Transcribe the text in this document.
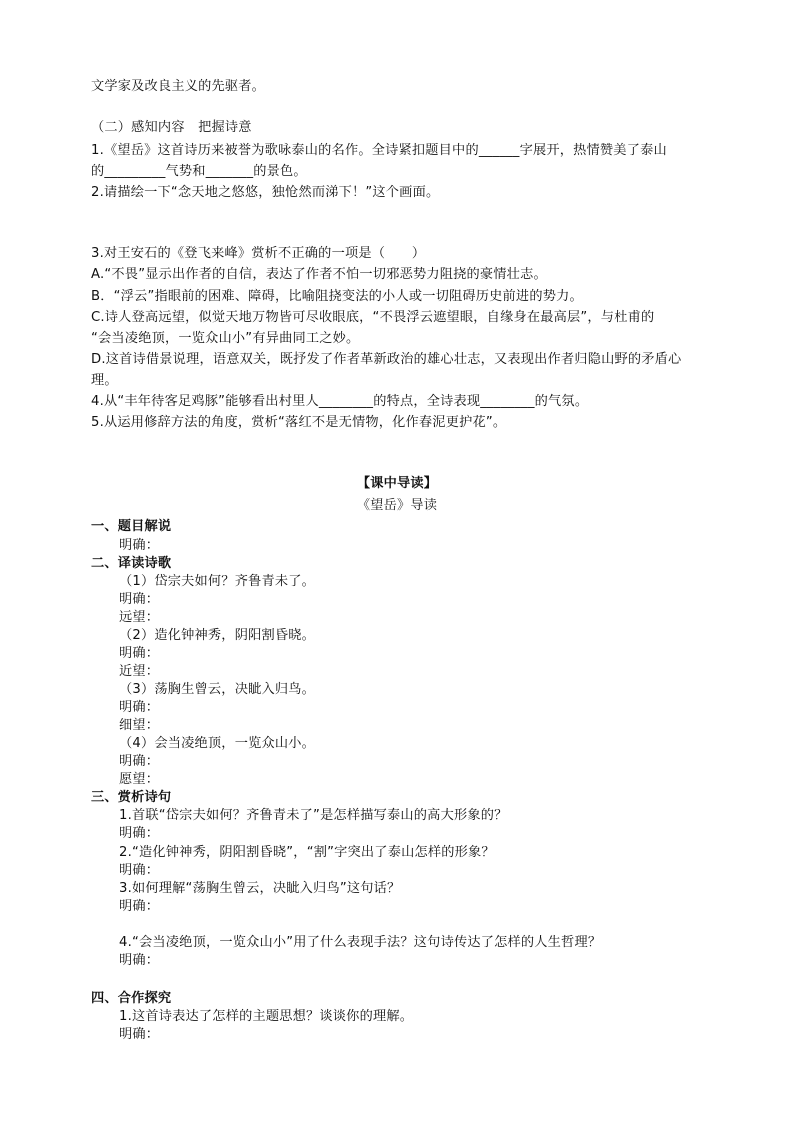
文学家及改良主义的先驱者。
（二）感知内容　把握诗意
1.《望岳》这首诗历来被誉为歌咏泰山的名作。全诗紧扣题目中的______字展开，热情赞美了泰山
的_________气势和_______的景色。
2.请描绘一下“念天地之悠悠，独怆然而涕下！”这个画面。
3.对王安石的《登飞来峰》赏析不正确的一项是（　　）
A.“不畏”显示出作者的自信，表达了作者不怕一切邪恶势力阻挠的豪情壮志。
B．“浮云”指眼前的困难、障碍，比喻阻挠变法的小人或一切阻碍历史前进的势力。
C.诗人登高远望，似觉天地万物皆可尽收眼底，“不畏浮云遮望眼，自缘身在最高层”，与杜甫的
“会当凌绝顶，一览众山小”有异曲同工之妙。
D.这首诗借景说理，语意双关，既抒发了作者革新政治的雄心壮志，又表现出作者归隐山野的矛盾心
理。
4.从“丰年待客足鸡豚”能够看出村里人________的特点，全诗表现________的气氛。
5.从运用修辞方法的角度，赏析“落红不是无情物，化作春泥更护花”。
【课中导读】
《望岳》导读
一、题目解说
明确：
二、译读诗歌
（1）岱宗夫如何？齐鲁青未了。
明确：
远望：
（2）造化钟神秀，阴阳割昏晓。
明确：
近望：
（3）荡胸生曾云，决眦入归鸟。
明确：
细望：
（4）会当凌绝顶，一览众山小。
明确：
愿望：
三、赏析诗句
1.首联“岱宗夫如何？齐鲁青未了”是怎样描写泰山的高大形象的？
明确：
2.“造化钟神秀，阴阳割昏晓”，“割”字突出了泰山怎样的形象？
明确：
3.如何理解“荡胸生曾云，决眦入归鸟”这句话？
明确：
4.“会当凌绝顶，一览众山小”用了什么表现手法？这句诗传达了怎样的人生哲理？
明确：
四、合作探究
1.这首诗表达了怎样的主题思想？谈谈你的理解。
明确：
